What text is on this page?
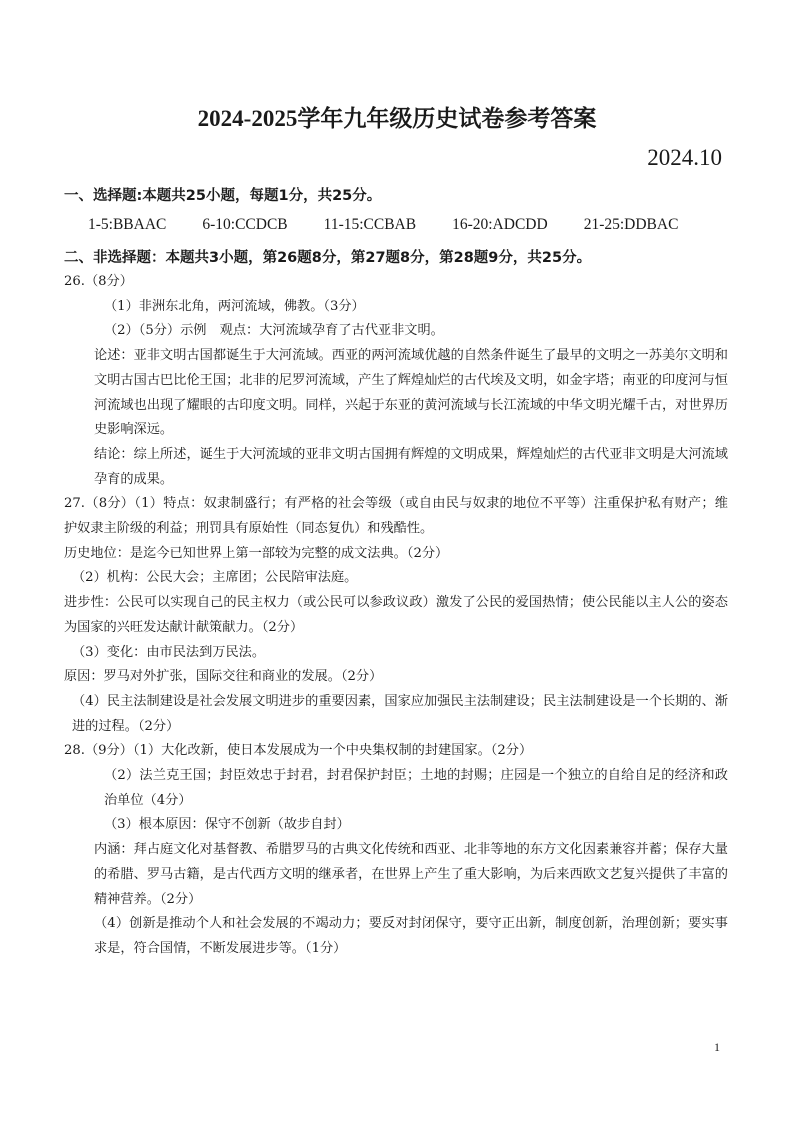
2024-2025学年九年级历史试卷参考答案
2024.10
一、选择题:本题共25小题，每题1分，共25分。
1-5:BBAAC 6-10:CCDCB 11-15:CCBAB 16-20:ADCDD 21-25:DDBAC
二、非选择题：本题共3小题，第26题8分，第27题8分，第28题9分，共25分。

26.（8分）

（1）非洲东北角，两河流域，佛教。（3分）

（2）（5分）示例　观点：大河流域孕育了古代亚非文明。

论述：亚非文明古国都诞生于大河流域。西亚的两河流域优越的自然条件诞生了最早的文明之一苏美尔文明和文明古国古巴比伦王国；北非的尼罗河流域，产生了辉煌灿烂的古代埃及文明，如金字塔；南亚的印度河与恒河流域也出现了耀眼的古印度文明。同样，兴起于东亚的黄河流域与长江流域的中华文明光耀千古，对世界历史影响深远。

结论：综上所述，诞生于大河流域的亚非文明古国拥有辉煌的文明成果，辉煌灿烂的古代亚非文明是大河流域孕育的成果。

27.（8分）（1）特点：奴隶制盛行；有严格的社会等级（或自由民与奴隶的地位不平等）注重保护私有财产；维护奴隶主阶级的利益；刑罚具有原始性（同态复仇）和残酷性。

历史地位：是迄今已知世界上第一部较为完整的成文法典。（2分）

（2）机构：公民大会；主席团；公民陪审法庭。

进步性：公民可以实现自己的民主权力（或公民可以参政议政）激发了公民的爱国热情；使公民能以主人公的姿态为国家的兴旺发达献计献策献力。（2分）

（3）变化：由市民法到万民法。

原因：罗马对外扩张，国际交往和商业的发展。（2分）

（4）民主法制建设是社会发展文明进步的重要因素，国家应加强民主法制建设；民主法制建设是一个长期的、渐进的过程。（2分）

28.（9分）（1）大化改新，使日本发展成为一个中央集权制的封建国家。（2分）

（2）法兰克王国；封臣效忠于封君，封君保护封臣；土地的封赐；庄园是一个独立的自给自足的经济和政治单位（4分）

（3）根本原因：保守不创新（故步自封）

内涵：拜占庭文化对基督教、希腊罗马的古典文化传统和西亚、北非等地的东方文化因素兼容并蓄；保存大量的希腊、罗马古籍，是古代西方文明的继承者，在世界上产生了重大影响，为后来西欧文艺复兴提供了丰富的精神营养。（2分）

（4）创新是推动个人和社会发展的不竭动力；要反对封闭保守，要守正出新，制度创新，治理创新；要实事求是，符合国情，不断发展进步等。（1分）

1
